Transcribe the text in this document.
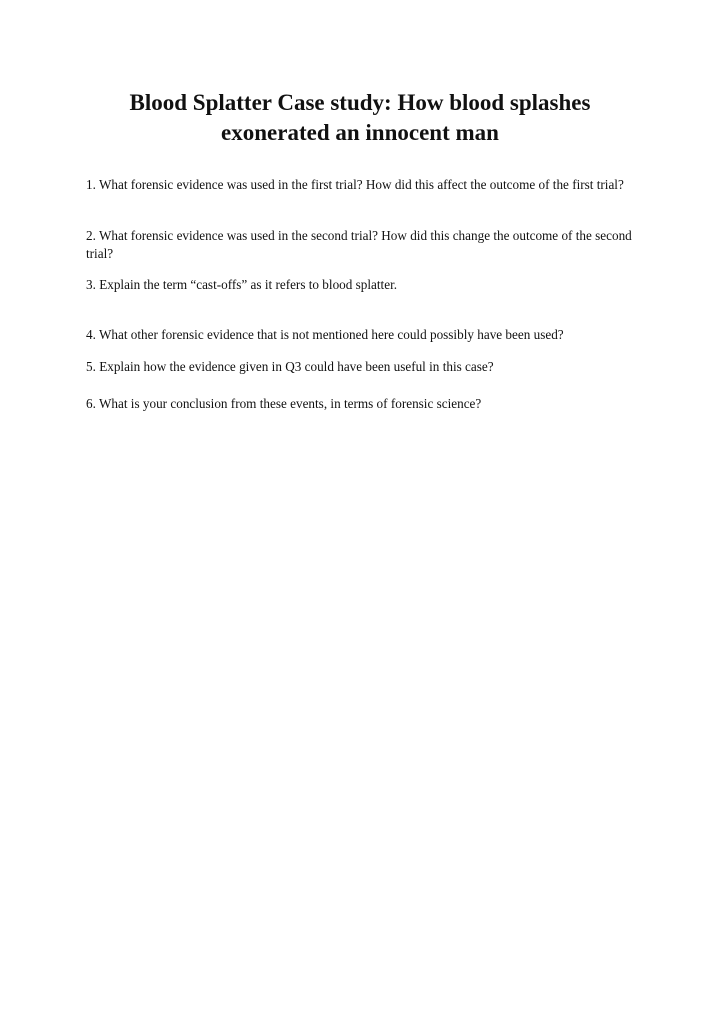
Blood Splatter Case study: How blood splashes exonerated an innocent man

1. What forensic evidence was used in the first trial? How did this affect the outcome of the first trial?

2. What forensic evidence was used in the second trial? How did this change the outcome of the second trial?

3. Explain the term “cast-offs” as it refers to blood splatter.

4. What other forensic evidence that is not mentioned here could possibly have been used?

5. Explain how the evidence given in Q3 could have been useful in this case?

6. What is your conclusion from these events, in terms of forensic science?
